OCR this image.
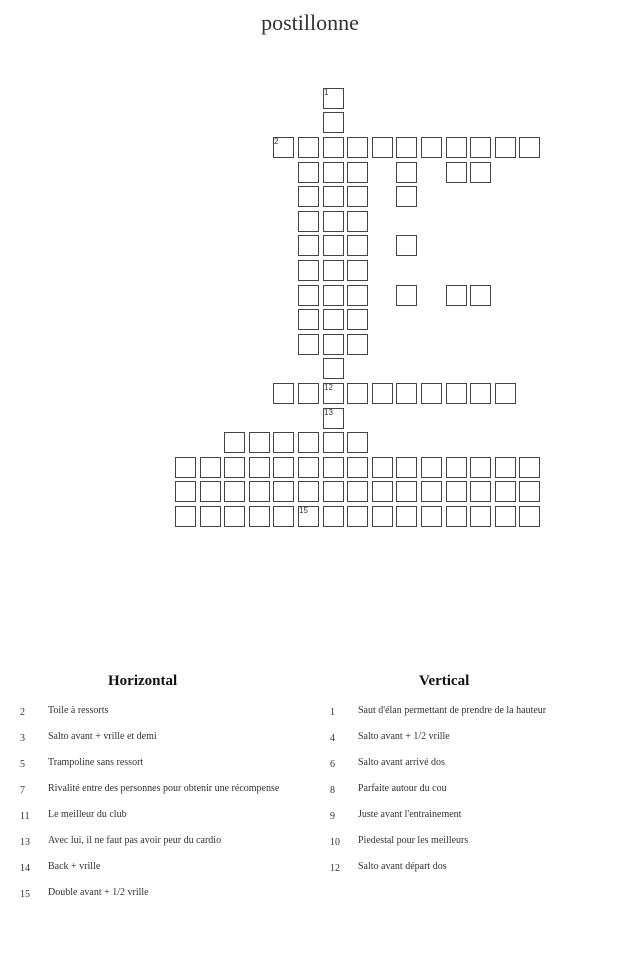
postillonne
1
12
13
2
15
Horizontal	Vertical
2	Toile à ressorts
3	Salto avant + vrille et demi
5	Trampoline sans ressort
7	Rivalité entre des personnes pour obtenir une récompense
11	Le meilleur du club
13	Avec lui, il ne faut pas avoir peur du cardio
14	Back + vrille
15	Double avant + 1/2 vrille
1	Saut d'élan permettant de prendre de la hauteur
4	Salto avant + 1/2 vrille
6	Salto avant arrivé dos
8	Parfaite autour du cou
9	Juste avant l'entrainement
10	Piedestal pour les meilleurs
12	Salto avant départ dos
